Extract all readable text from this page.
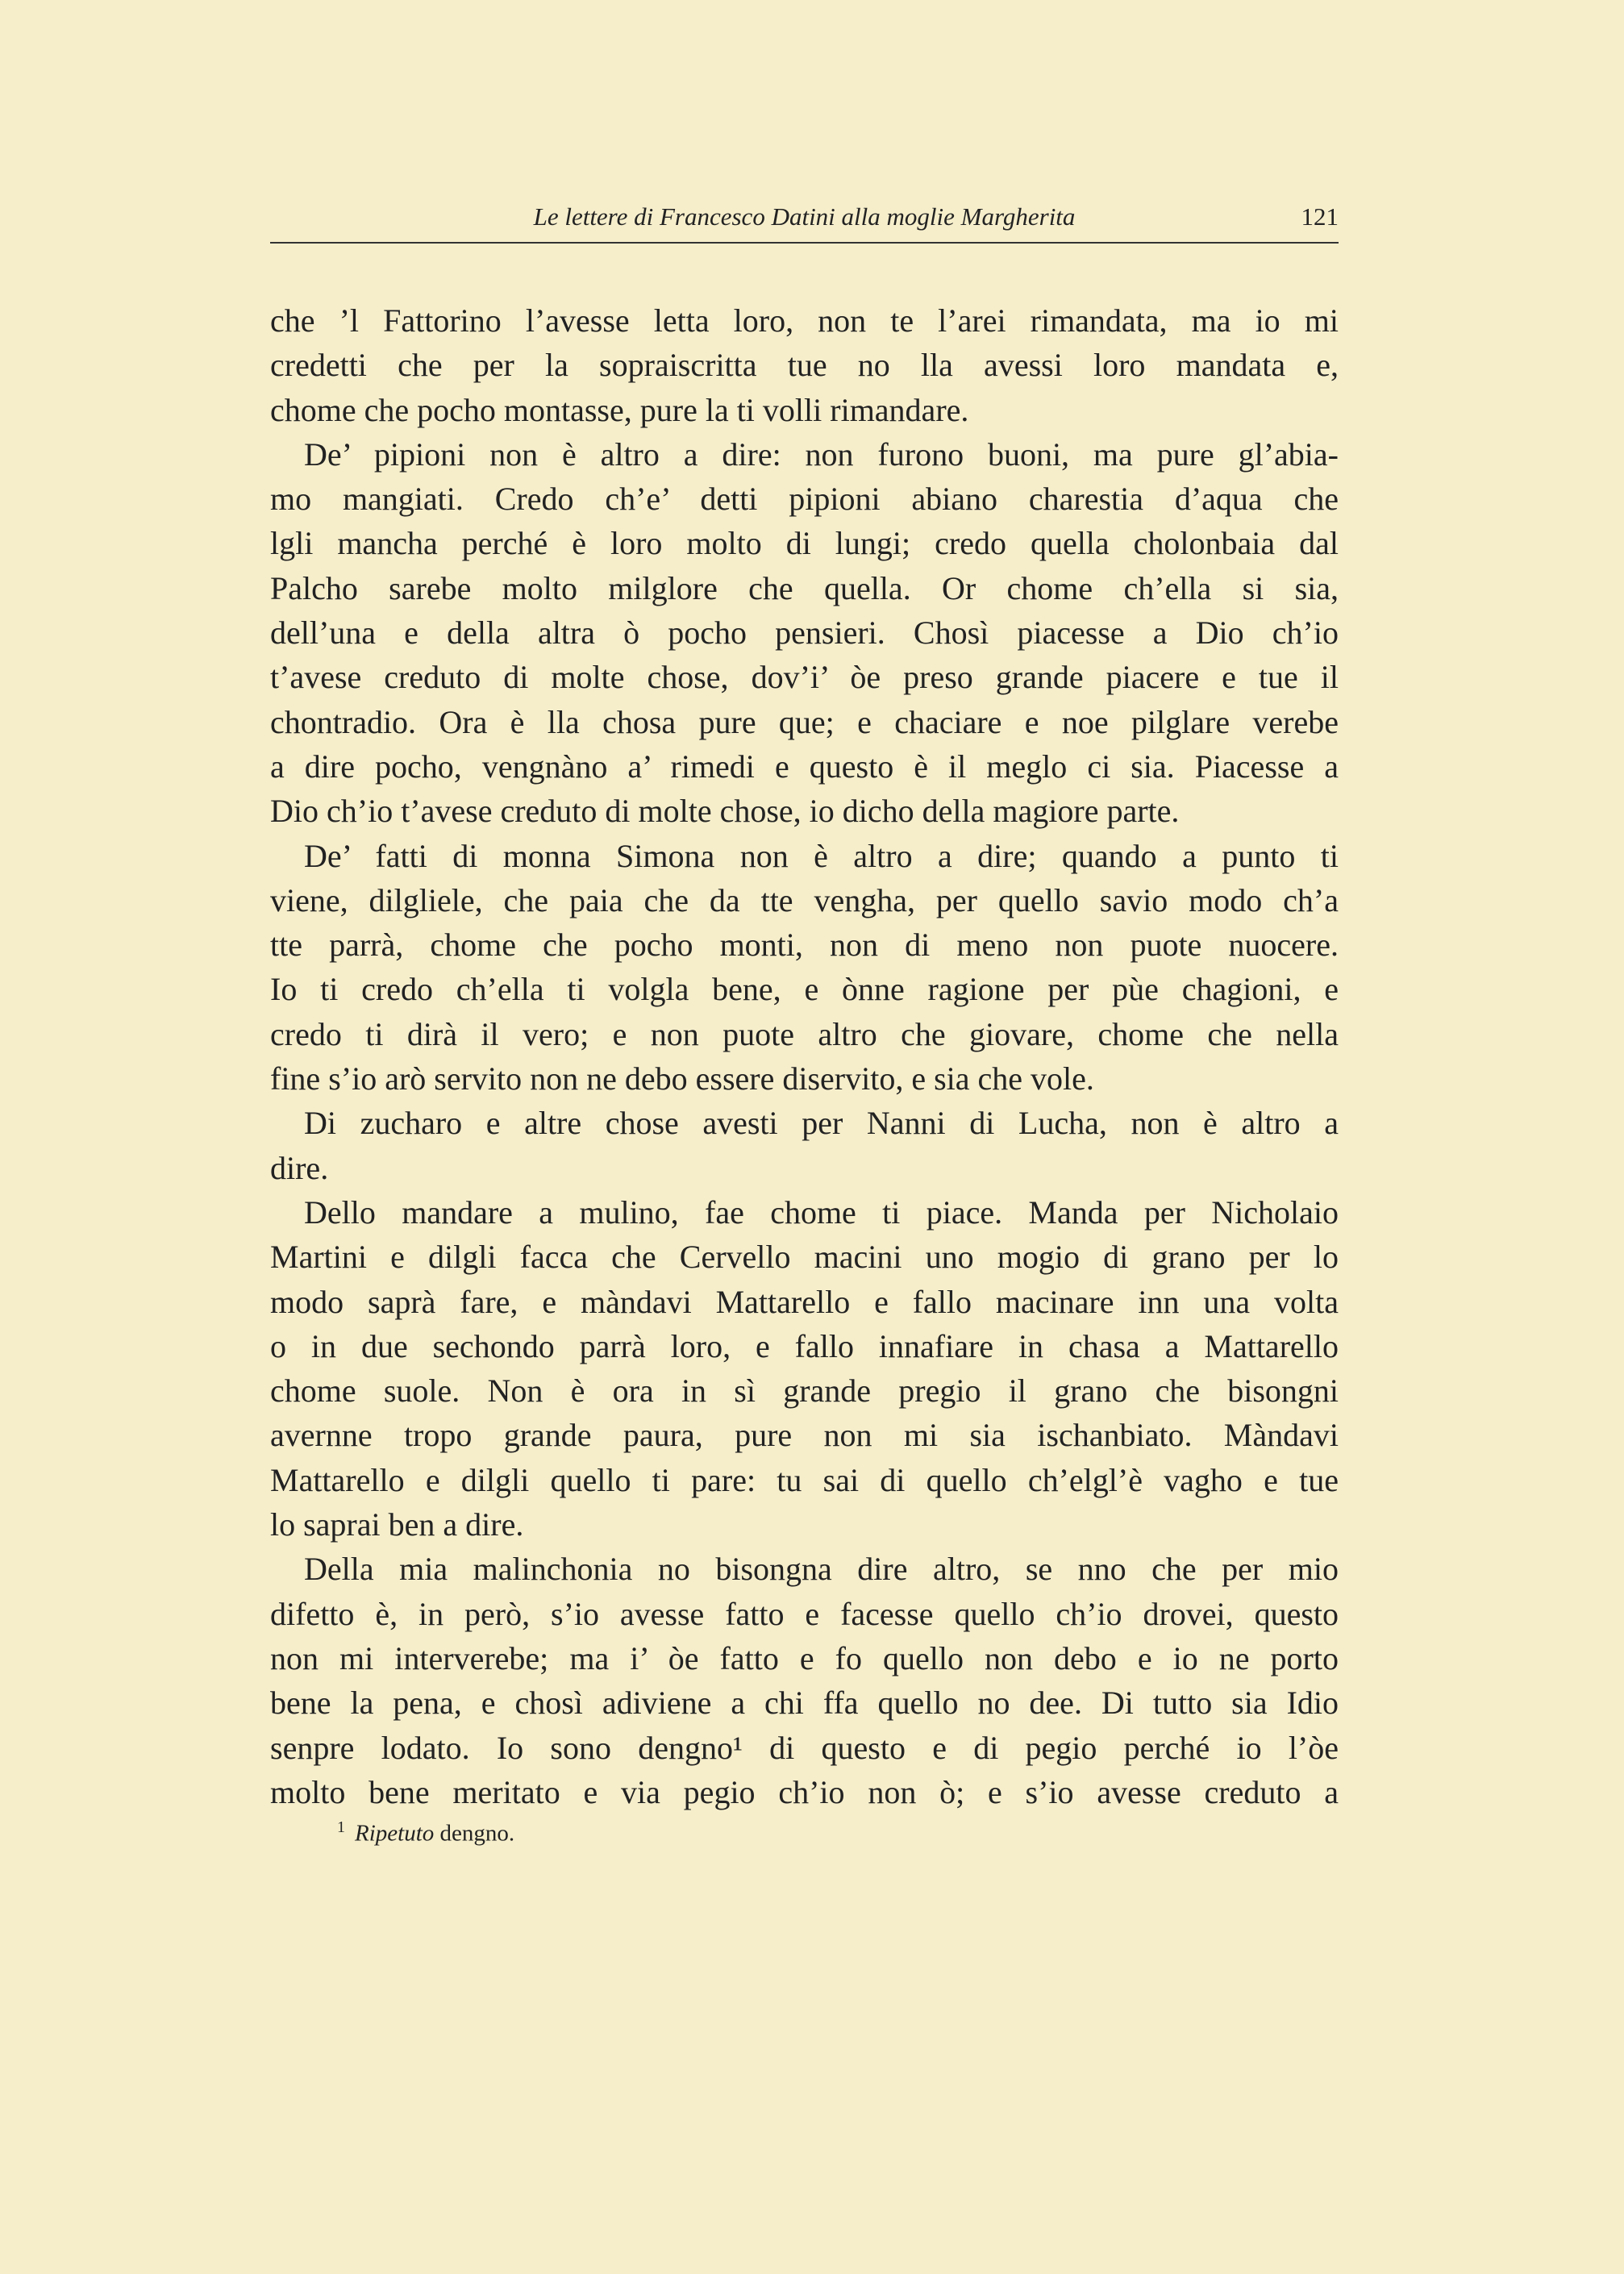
Le lettere di Francesco Datini alla moglie Margherita	121
che ’l Fattorino l’avesse letta loro, non te l’arei rimandata, ma io mi
credetti che per la sopraiscritta tue no lla avessi loro mandata e,
chome che pocho montasse, pure la ti volli rimandare.
De’ pipioni non è altro a dire: non furono buoni, ma pure gl’abia-
mo mangiati. Credo ch’e’ detti pipioni abiano charestia d’aqua che
lgli mancha perché è loro molto di lungi; credo quella cholonbaia dal
Palcho sarebe molto milglore che quella. Or chome ch’ella si sia,
dell’una e della altra ò pocho pensieri. Chosì piacesse a Dio ch’io
t’avese creduto di molte chose, dov’i’ òe preso grande piacere e tue il
chontradio. Ora è lla chosa pure que; e chaciare e noe pilglare verebe
a dire pocho, vengnàno a’ rimedi e questo è il meglo ci sia. Piacesse a
Dio ch’io t’avese creduto di molte chose, io dicho della magiore parte.
De’ fatti di monna Simona non è altro a dire; quando a punto ti
viene, dilgliele, che paia che da tte vengha, per quello savio modo ch’a
tte parrà, chome che pocho monti, non di meno non puote nuocere.
Io ti credo ch’ella ti volgla bene, e ònne ragione per pùe chagioni, e
credo ti dirà il vero; e non puote altro che giovare, chome che nella
fine s’io arò servito non ne debo essere diservito, e sia che vole.
Di zucharo e altre chose avesti per Nanni di Lucha, non è altro a
dire.
Dello mandare a mulino, fae chome ti piace. Manda per Nicholaio
Martini e dilgli facca che Cervello macini uno mogio di grano per lo
modo saprà fare, e màndavi Mattarello e fallo macinare inn una volta
o in due sechondo parrà loro, e fallo innafiare in chasa a Mattarello
chome suole. Non è ora in sì grande pregio il grano che bisongni
avernne tropo grande paura, pure non mi sia ischanbiato. Màndavi
Mattarello e dilgli quello ti pare: tu sai di quello ch’elgl’è vagho e tue
lo saprai ben a dire.
Della mia malinchonia no bisongna dire altro, se nno che per mio
difetto è, in però, s’io avesse fatto e facesse quello ch’io drovei, questo
non mi interverebe; ma i’ òe fatto e fo quello non debo e io ne porto
bene la pena, e chosì adiviene a chi ffa quello no dee. Di tutto sia Idio
senpre lodato. Io sono dengno¹ di questo e di pegio perché io l’òe
molto bene meritato e via pegio ch’io non ò; e s’io avesse creduto a
$^1$ Ripetuto dengno.
